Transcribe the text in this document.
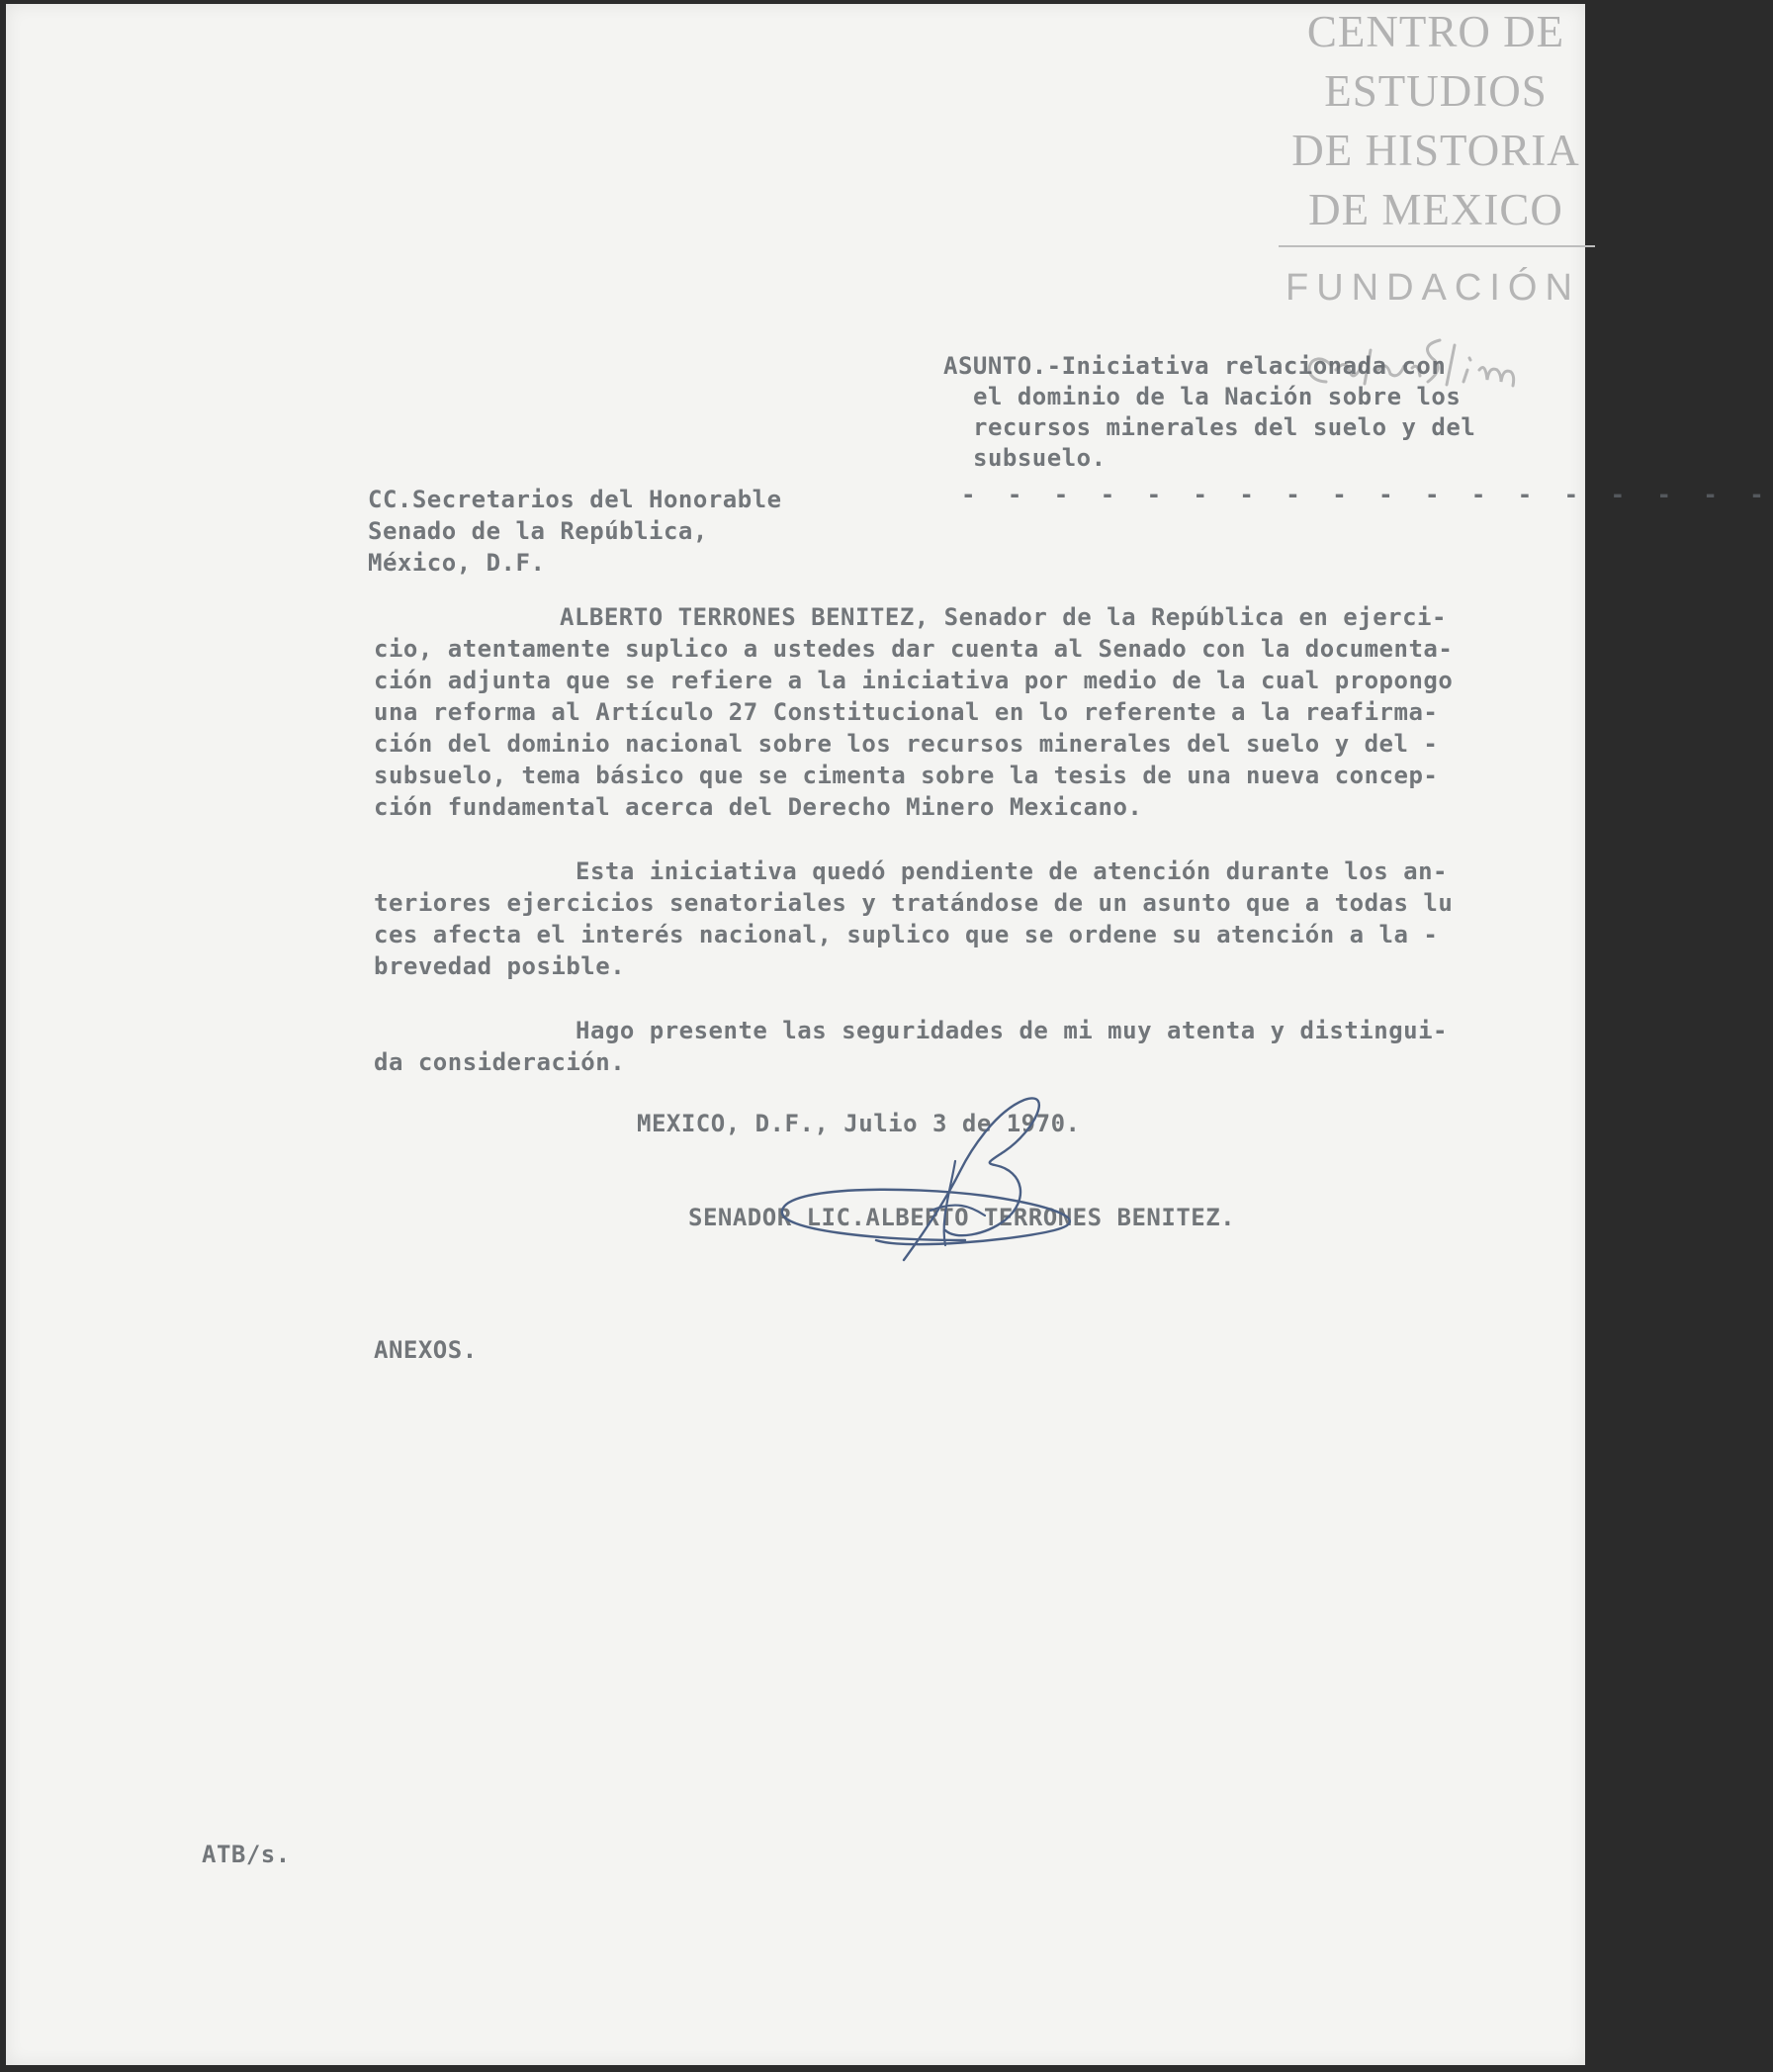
CENTRO DE
ESTUDIOS
DE HISTORIA
DE MEXICO
FUNDACIÓN
ASUNTO.-Iniciativa relacionada con
el dominio de la Nación sobre los
recursos minerales del suelo y del
subsuelo.
- - - - - - - - - - - - - - - - - -
CC.Secretarios del Honorable
Senado de la República,
México, D.F.
ALBERTO TERRONES BENITEZ, Senador de la República en ejerci-
cio, atentamente suplico a ustedes dar cuenta al Senado con la documenta-
ción adjunta que se refiere a la iniciativa por medio de la cual propongo
una reforma al Artículo 27 Constitucional en lo referente a la reafirma-
ción del dominio nacional sobre los recursos minerales del suelo y del -
subsuelo, tema básico que se cimenta sobre la tesis de una nueva concep-
ción fundamental acerca del Derecho Minero Mexicano.
Esta iniciativa quedó pendiente de atención durante los an-
teriores ejercicios senatoriales y tratándose de un asunto que a todas lu
ces afecta el interés nacional, suplico que se ordene su atención a la -
brevedad posible.
Hago presente las seguridades de mi muy atenta y distingui-
da consideración.
MEXICO, D.F., Julio 3 de 1970.
SENADOR LIC.ALBERTO TERRONES BENITEZ.
ANEXOS.
ATB/s.
